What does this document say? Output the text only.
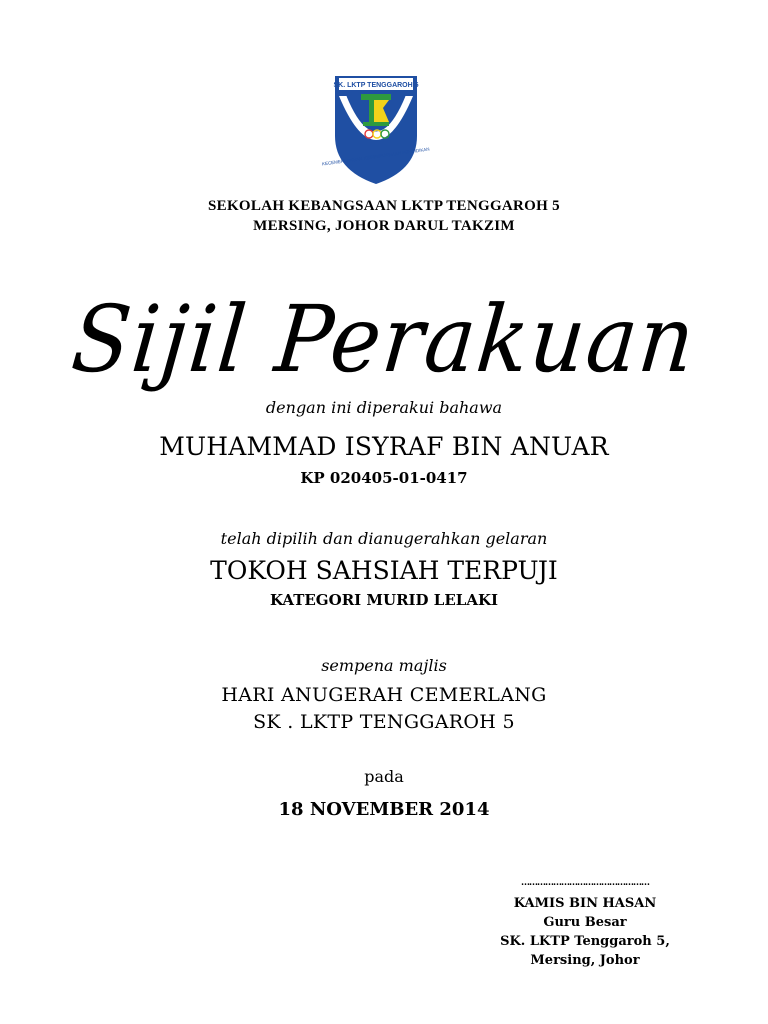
SK. LKTP TENGGAROH 5
KECEMERLANGAN KESEMPURNAAN PENDIDIKAN
SEKOLAH KEBANGSAAN LKTP TENGGAROH 5
MERSING, JOHOR DARUL TAKZIM
Sijil Perakuan
dengan ini diperakui bahawa
MUHAMMAD ISYRAF BIN ANUAR
KP 020405-01-0417
telah dipilih dan dianugerahkan gelaran
TOKOH SAHSIAH TERPUJI
KATEGORI MURID LELAKI
sempena majlis
HARI ANUGERAH CEMERLANG
SK . LKTP TENGGAROH 5
pada
18 NOVEMBER 2014
…………………………………………
KAMIS BIN HASAN
Guru Besar
SK. LKTP Tenggaroh 5,
Mersing, Johor
